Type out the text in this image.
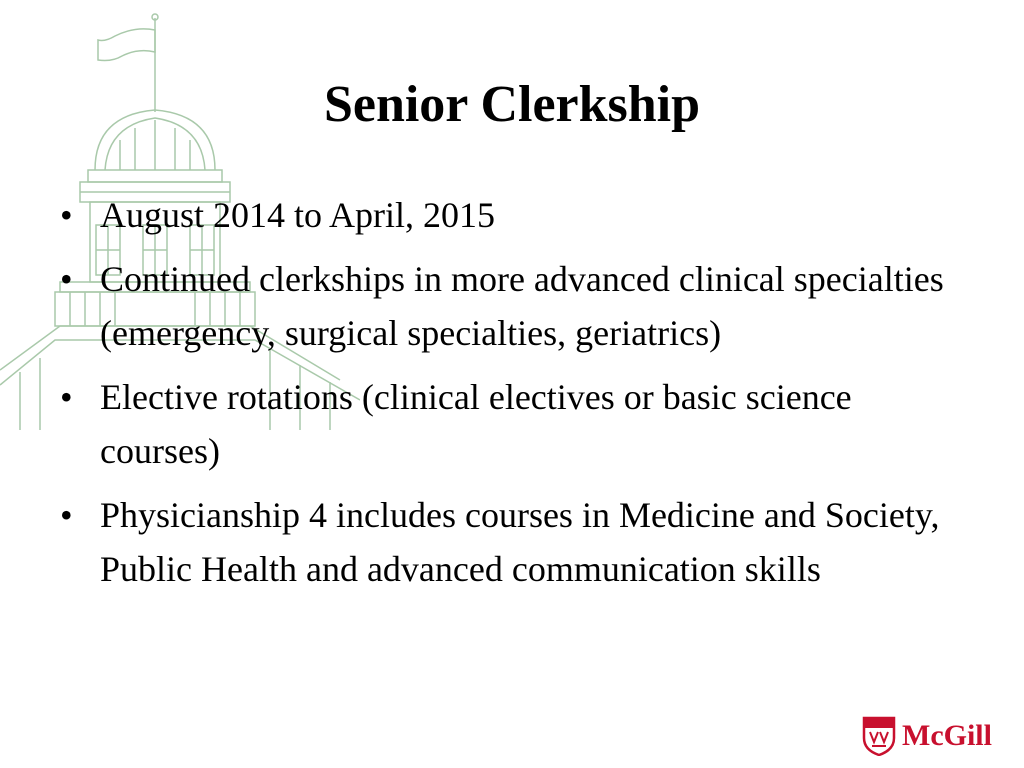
Senior Clerkship
• August 2014 to April, 2015
• Continued clerkships in more advanced clinical specialties (emergency, surgical specialties, geriatrics)
• Elective rotations (clinical electives or basic science courses)
• Physicianship 4 includes courses in Medicine and Society, Public Health and advanced communication skills
McGill
